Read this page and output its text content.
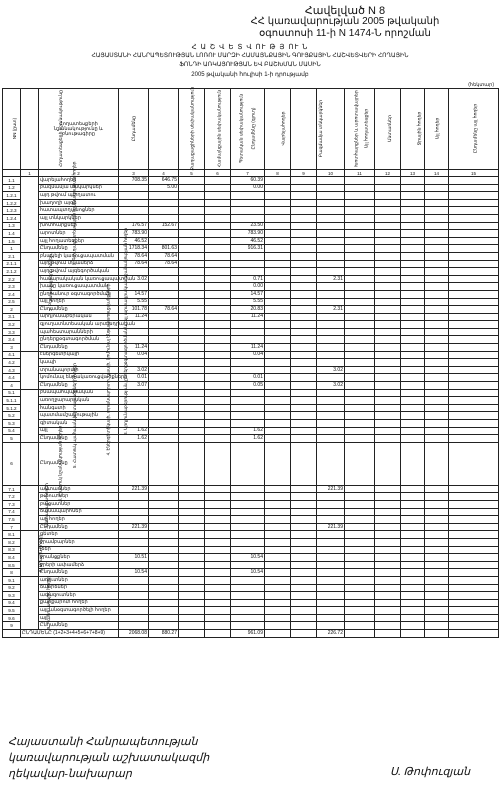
Հավելված N 8
ՀՀ կառավարության 2005 թվականի
օգոստոսի 11-ի N 1474-Ն որոշման
Հ Ա Շ Վ Ե Տ Վ ՈՒ Թ Յ ՈՒ Ն
ՀԱՅԱՍՏԱՆԻ ՀԱՆՐԱՊԵՏՈՒԹՅԱՆ ԼՈՌՈՒ ՄԱՐԶԻ ՀԱՄԱՅՆՔԱՅԻՆ ԳՈՒՅՔԱՅԻՆ ՀԱՇՎԵՏՎԵՐԻ ՀՈՂԱՅԻՆ
ՖՈՆԴԻ ԱՌԿԱՅՈՒԹՅԱՆ ԵՎ ԲԱՇԽՄԱՆ ՄԱՍԻՆ
2005 թվականի հուլիսի 1-ի դրությամբ
(հեկտար)
NN (ըստ)	Հողատեսքերի նշանակությունը	Հողատեսքերի նշանակությունը և բնութագիրը	Ընդամենը	Քաղաքացիների սեփականություն	Համայնքային սեփականություն	Պետական սեփականություն	Ընդամենը (գյուղ)	Վարելահողեր	Բազմամյա տնկարկներ	Խոտհարքներ և արոտավայրեր	Այլ հողատեսքեր	Անտառներ	Ջրային հողեր	Այլ հողեր	Ընդամենը այլ հողեր
	1	2	3	4	5	6	7	8	9	10	11	12	13	14	15
1.1	1. Գյուղատնտեսական նշանակության հողեր	վարելահողեր	708.35	646.75			60.39								
1.2		բազմամյա տնկարկներ		5.00			0.00								
1.2.1		այդ թվում պտղատու													
1.2.2		խաղողի այգի													
1.2.3		հատապտղանոցներ													
1.2.4		այլ տնկարկներ													
1.3		խոտհարքներ	176.57	152.67			23.50								
1.4		արոտներ	783.90				783.90								
1.5		այլ հողատեսքեր	46.52				46.52								
1		Ընդամենը	1718.34	801.63			916.31								
2.1	2. Բնակավայրերի հողեր	բնակելի կառուցապատման	78.64	78.64											
2.1.1		այդ թվում տնամերձ	78.64	78.64											
2.1.2		այդ թվում այգեգործական													
2.2		հասարակական կառուցապատման	3.02				0.71			2.31					
2.3		խառը կառուցապատման					0.00								
2.4		ընդհանուր օգտագործման	14.57				14.57								
2.5		այլ հողեր	5.55				5.55								
2		Ընդամենը	101.78	78.64			20.83			2.31					
3.1	3. Արդյունաբերության, ընդերքօգտագործման և այլ արտադրական նշանակության հողեր	արդյունաբերական	11.24				11.24								
3.2		գյուղատնտեսական արտադրական													
3.3		պահեստարանների													
3.4		ընդերքօգտագործման													
3		Ընդամենը	11.24				11.24								
4.1	4. Էներգետիկայի, տրանսպորտի, կապի, կոմունալ ենթակառուցվածքների	էներգետիկայի	0.04				0.04								
4.2		կապի													
4.3		տրանսպորտի	3.02							3.02					
4.4		կոմունալ ենթակառուցվածքների	0.01				0.01								
4		Ընդամենը	3.07				0.05			3.02					
5.1	5. Հատուկ պահպանվող տարածքների հողեր	բնապահպանական													
5.1.1		առողջարարական													
5.1.2		հանգստի													
5.2		պատմամշակութային													
5.3		գիտական													
5.4		այլ	1.62				1.62								
5		Ընդամենը	1.62				1.62								
6	6. Հատուկ նշանակության հողեր	Ընդամենը													
7.1	7. Անտառային հողեր	անտառներ	221.39							221.39					
7.2		թփուտներ													
7.3		բացատներ													
7.4		ճանապարհներ													
7.5		այլ հողեր													
7		Ընդամենը	221.39							221.39					
8.1	8. Ջրային հողեր	գետեր													
8.2		ջրամբարներ													
8.3		լճեր													
8.4		ջրանցքներ	10.51				10.54								
8.5		ջրերի ափամերձ													
8		Ընդամենը	10.54				10.54								
9.1	9. Պահուստային հողեր	աղուտներ													
9.2		ճահիճներ													
9.3		ավազուտներ													
9.4		քարքարոտ հողեր													
9.5		այլ անօգտագործելի հողեր													
9.6		այլ													
9		Ընդամենը													
	ԸՆԴԱՄԵՆԸ (1+2+3+4+5+6+7+8+9)		2068.08	880.27			961.09			226.72					
Հայաստանի Հանրապետության
կառավարության աշխատակազմի
ղեկավար-նախարար	Ս. Թոփուզյան
